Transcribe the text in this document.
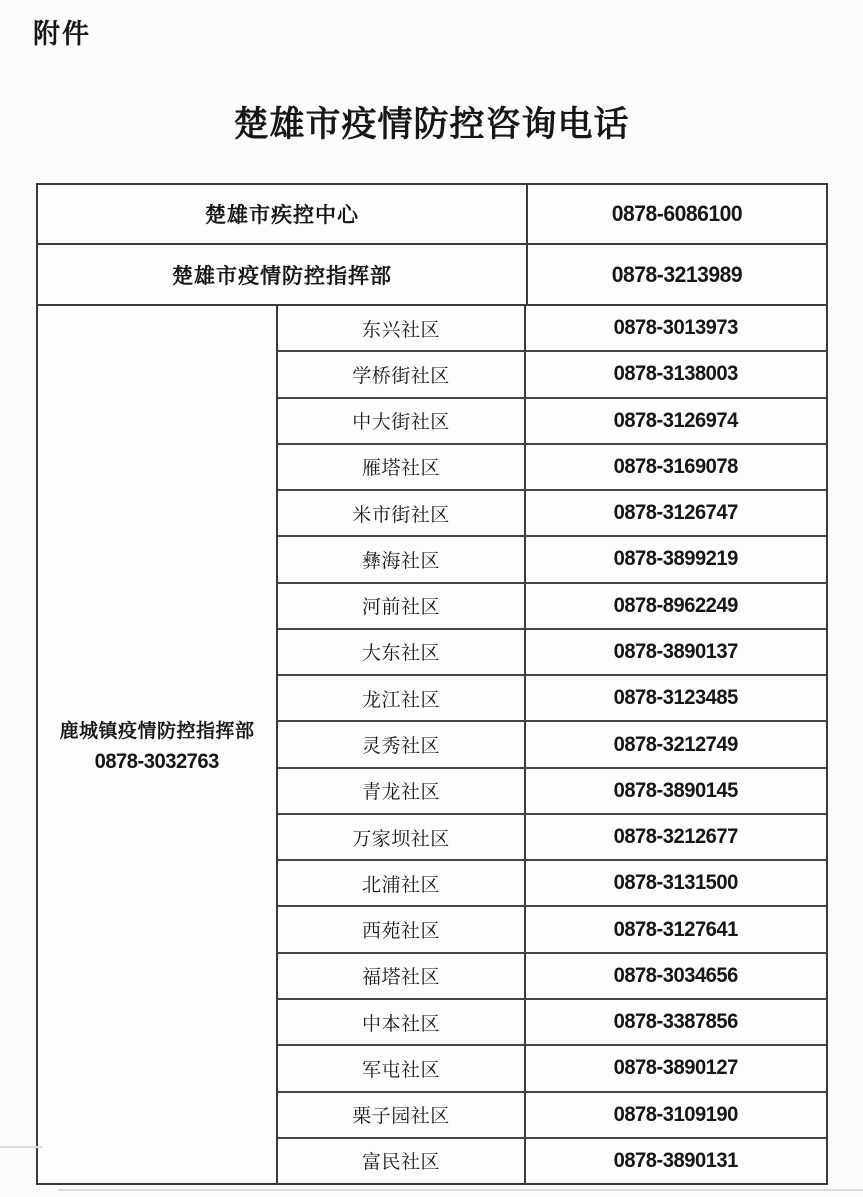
附件
楚雄市疫情防控咨询电话
楚雄市疾控中心	0878-6086100
楚雄市疫情防控指挥部	0878-3213989
鹿城镇疫情防控指挥部
0878-3032763
东兴社区	0878-3013973
学桥街社区	0878-3138003
中大街社区	0878-3126974
雁塔社区	0878-3169078
米市街社区	0878-3126747
彝海社区	0878-3899219
河前社区	0878-8962249
大东社区	0878-3890137
龙江社区	0878-3123485
灵秀社区	0878-3212749
青龙社区	0878-3890145
万家坝社区	0878-3212677
北浦社区	0878-3131500
西苑社区	0878-3127641
福塔社区	0878-3034656
中本社区	0878-3387856
军屯社区	0878-3890127
栗子园社区	0878-3109190
富民社区	0878-3890131
